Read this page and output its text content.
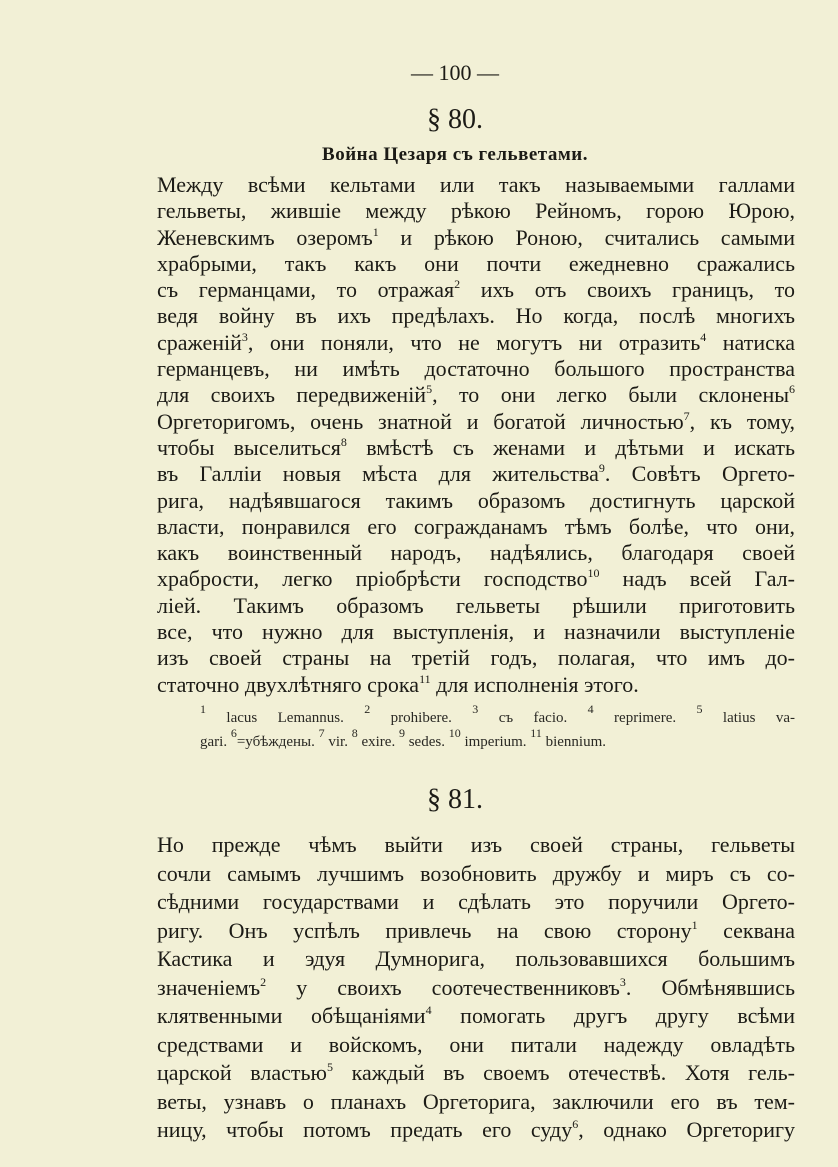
— 100 —
§ 80.
Война Цезаря съ гельветами.
Между всѣми кельтами или такъ называемыми галлами
гельветы, жившіе между рѣкою Рейномъ, горою Юрою,
Женевскимъ озеромъ$^1$ и рѣкою Роною, считались самыми
храбрыми, такъ какъ они почти ежедневно сражались
съ германцами, то отражая$^2$ ихъ отъ своихъ границъ, то
ведя войну въ ихъ предѣлахъ. Но когда, послѣ многихъ
сраженій$^3$, они поняли, что не могутъ ни отразить$^4$ натиска
германцевъ, ни имѣть достаточно большого пространства
для своихъ передвиженій$^5$, то они легко были склонены$^6$
Оргеторигомъ, очень знатной и богатой личностью$^7$, къ тому,
чтобы выселиться$^8$ вмѣстѣ съ женами и дѣтьми и искать
въ Галліи новыя мѣста для жительства$^9$. Совѣтъ Оргето-
рига, надѣявшагося такимъ образомъ достигнуть царской
власти, понравился его согражданамъ тѣмъ болѣе, что они,
какъ воинственный народъ, надѣялись, благодаря своей
храбрости, легко пріобрѣсти господство$^{10}$ надъ всей Гал-
ліей. Такимъ образомъ гельветы рѣшили приготовить
все, что нужно для выступленія, и назначили выступленіе
изъ своей страны на третій годъ, полагая, что имъ до-
статочно двухлѣтняго срока$^{11}$ для исполненія этого.
$^1$ lacus Lemannus. $^2$ prohibere. $^3$ cъ facio. $^4$ reprimere. $^5$ latius va-
gari. $^6$=убѣждены. $^7$ vir. $^8$ exire. $^9$ sedes. $^{10}$ imperium. $^{11}$ biennium.
§ 81.
Но прежде чѣмъ выйти изъ своей страны, гельветы
сочли самымъ лучшимъ возобновить дружбу и миръ съ со-
сѣдними государствами и сдѣлать это поручили Оргето-
ригу. Онъ успѣлъ привлечь на свою сторону$^1$ секвана
Кастика и эдуя Думнорига, пользовавшихся большимъ
значеніемъ$^2$ у своихъ соотечественниковъ$^3$. Обмѣнявшись
клятвенными обѣщаніями$^4$ помогать другъ другу всѣми
средствами и войскомъ, они питали надежду овладѣть
царской властью$^5$ каждый въ своемъ отечествѣ. Хотя гель-
веты, узнавъ о планахъ Оргеторига, заключили его въ тем-
ницу, чтобы потомъ предать его суду$^6$, однако Оргеторигу
